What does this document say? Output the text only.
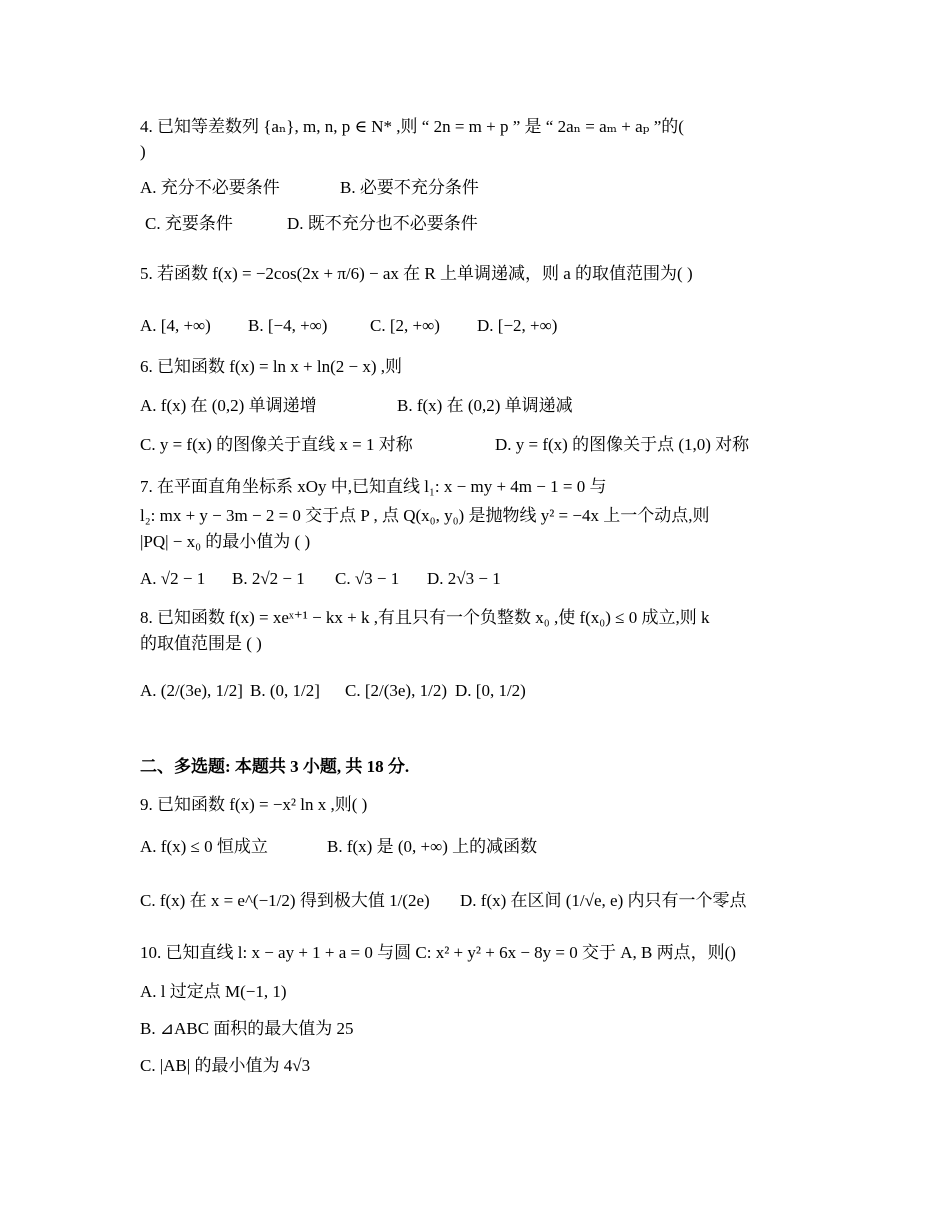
4. 已知等差数列 {aₙ}, m, n, p ∈ N* ,则 “ 2n = m + p ” 是 “ 2aₙ = aₘ + aₚ ”的(
)
A. 充分不必要条件	B. 必要不充分条件
C. 充要条件	D. 既不充分也不必要条件
5. 若函数 f(x) = −2cos(2x + π/6) − ax 在 R 上单调递减，则 a 的取值范围为( )
A. [4, +∞) B. [−4, +∞)	C. [2, +∞) D. [−2, +∞)
6. 已知函数 f(x) = ln x + ln(2 − x) ,则
A. f(x) 在 (0,2) 单调递增	B. f(x) 在 (0,2) 单调递减
C. y = f(x) 的图像关于直线 x = 1 对称	D. y = f(x) 的图像关于点 (1,0) 对称
7. 在平面直角坐标系 xOy 中,已知直线 l₁: x − my + 4m − 1 = 0 与
l₂: mx + y − 3m − 2 = 0 交于点 P , 点 Q(x₀, y₀) 是抛物线 y² = −4x 上一个动点,则
|PQ| − x₀ 的最小值为 ( )
A. √2 − 1 B. 2√2 − 1 C. √3 − 1 D. 2√3 − 1
8. 已知函数 f(x) = xeˣ⁺¹ − kx + k ,有且只有一个负整数 x₀ ,使 f(x₀) ≤ 0 成立,则 k
的取值范围是 ( )
A. (2/(3e), 1/2] B. (0, 1/2] C. [2/(3e), 1/2) D. [0, 1/2)
二、多选题: 本题共 3 小题, 共 18 分.
9. 已知函数 f(x) = −x² ln x ,则( )
A. f(x) ≤ 0 恒成立	B. f(x) 是 (0, +∞) 上的减函数
C. f(x) 在 x = e^(−1/2) 得到极大值 1/(2e) D. f(x) 在区间 (1/√e, e) 内只有一个零点
10. 已知直线 l: x − ay + 1 + a = 0 与圆 C: x² + y² + 6x − 8y = 0 交于 A, B 两点，则()
A. l 过定点 M(−1, 1)
B. ⊿ABC 面积的最大值为 25
C. |AB| 的最小值为 4√3
